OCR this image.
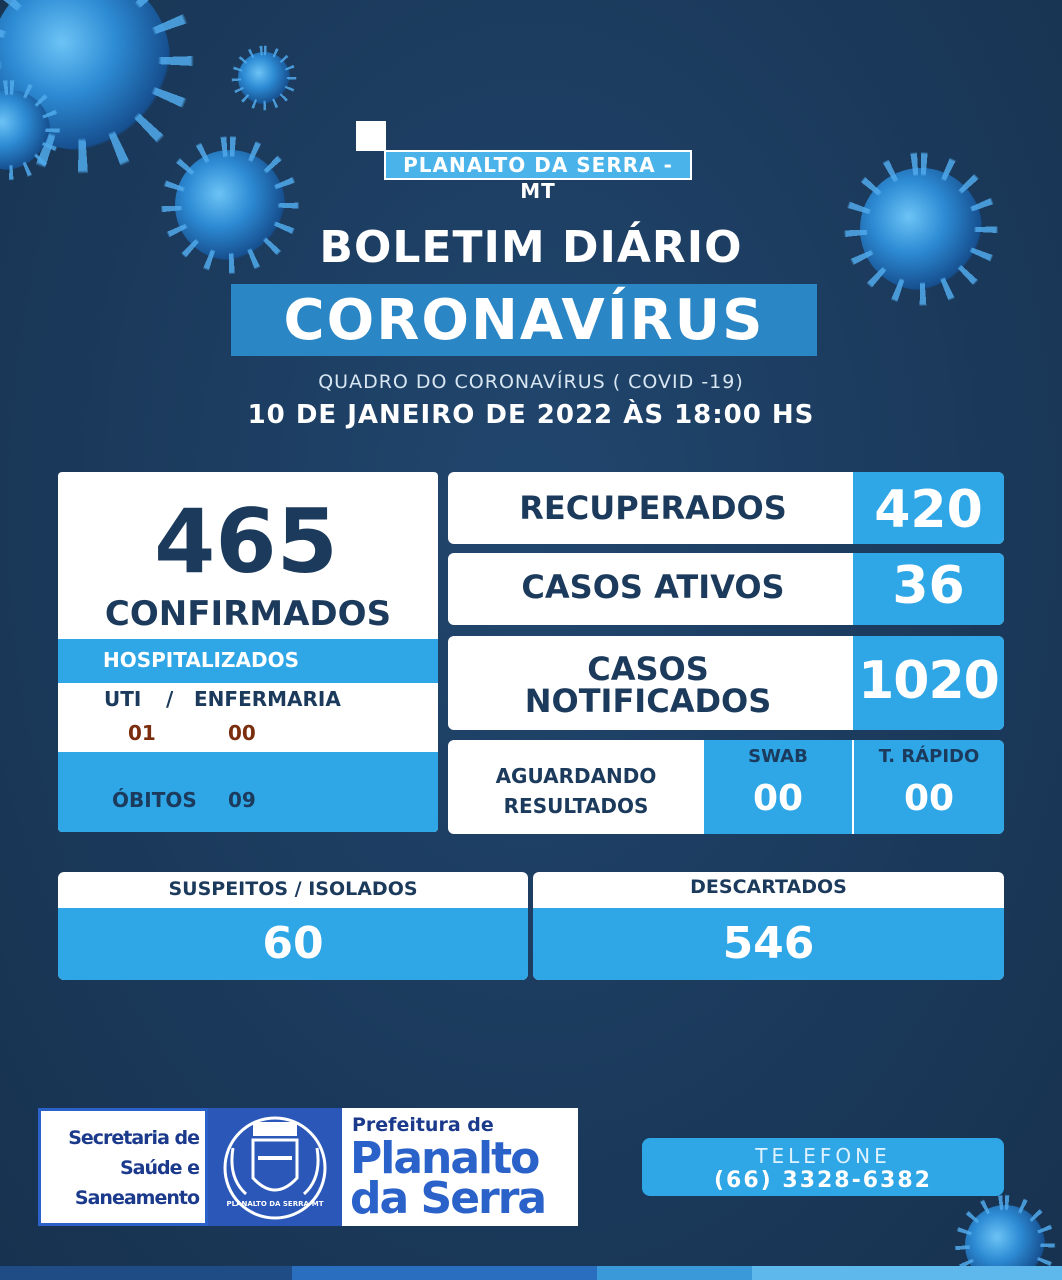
PLANALTO DA SERRA - MT
BOLETIM DIÁRIO
CORONAVÍRUS
QUADRO DO CORONAVÍRUS ( COVID -19)
10 DE JANEIRO DE 2022 ÀS 18:00 HS
465
CONFIRMADOS
HOSPITALIZADOS
UTI / ENFERMARIA
01	00
ÓBITOS 09
RECUPERADOS	420
CASOS ATIVOS	36
CASOS
NOTIFICADOS	1020
AGUARDANDO
RESULTADOS
SWAB
00
T. RÁPIDO
00
SUSPEITOS / ISOLADOS
60
DESCARTADOS
546
Secretaria de
Saúde e
Saneamento	PLANALTO DA SERRA-MT
Prefeitura de
Planalto
da Serra
TELEFONE
(66) 3328-6382
